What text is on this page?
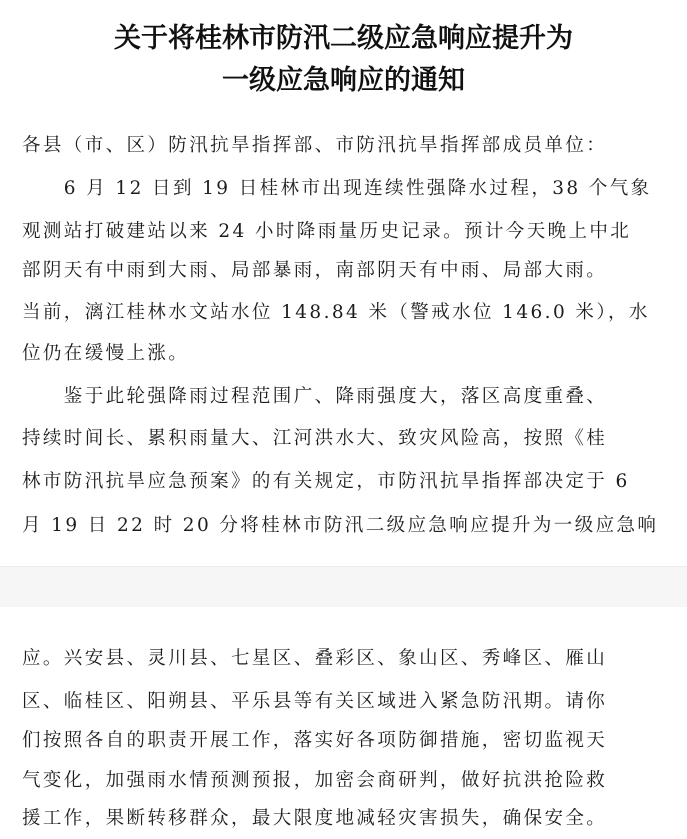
关于将桂林市防汛二级应急响应提升为
一级应急响应的通知
各县（市、区）防汛抗旱指挥部、市防汛抗旱指挥部成员单位：
　　6 月 12 日到 19 日桂林市出现连续性强降水过程，38 个气象
观测站打破建站以来 24 小时降雨量历史记录。预计今天晚上中北
部阴天有中雨到大雨、局部暴雨，南部阴天有中雨、局部大雨。
当前，漓江桂林水文站水位 148.84 米（警戒水位 146.0 米），水
位仍在缓慢上涨。
　　鉴于此轮强降雨过程范围广、降雨强度大，落区高度重叠、
持续时间长、累积雨量大、江河洪水大、致灾风险高，按照《桂
林市防汛抗旱应急预案》的有关规定，市防汛抗旱指挥部决定于 6
月 19 日 22 时 20 分将桂林市防汛二级应急响应提升为一级应急响
应。兴安县、灵川县、七星区、叠彩区、象山区、秀峰区、雁山
区、临桂区、阳朔县、平乐县等有关区域进入紧急防汛期。请你
们按照各自的职责开展工作，落实好各项防御措施，密切监视天
气变化，加强雨水情预测预报，加密会商研判，做好抗洪抢险救
援工作，果断转移群众，最大限度地减轻灾害损失，确保安全。
